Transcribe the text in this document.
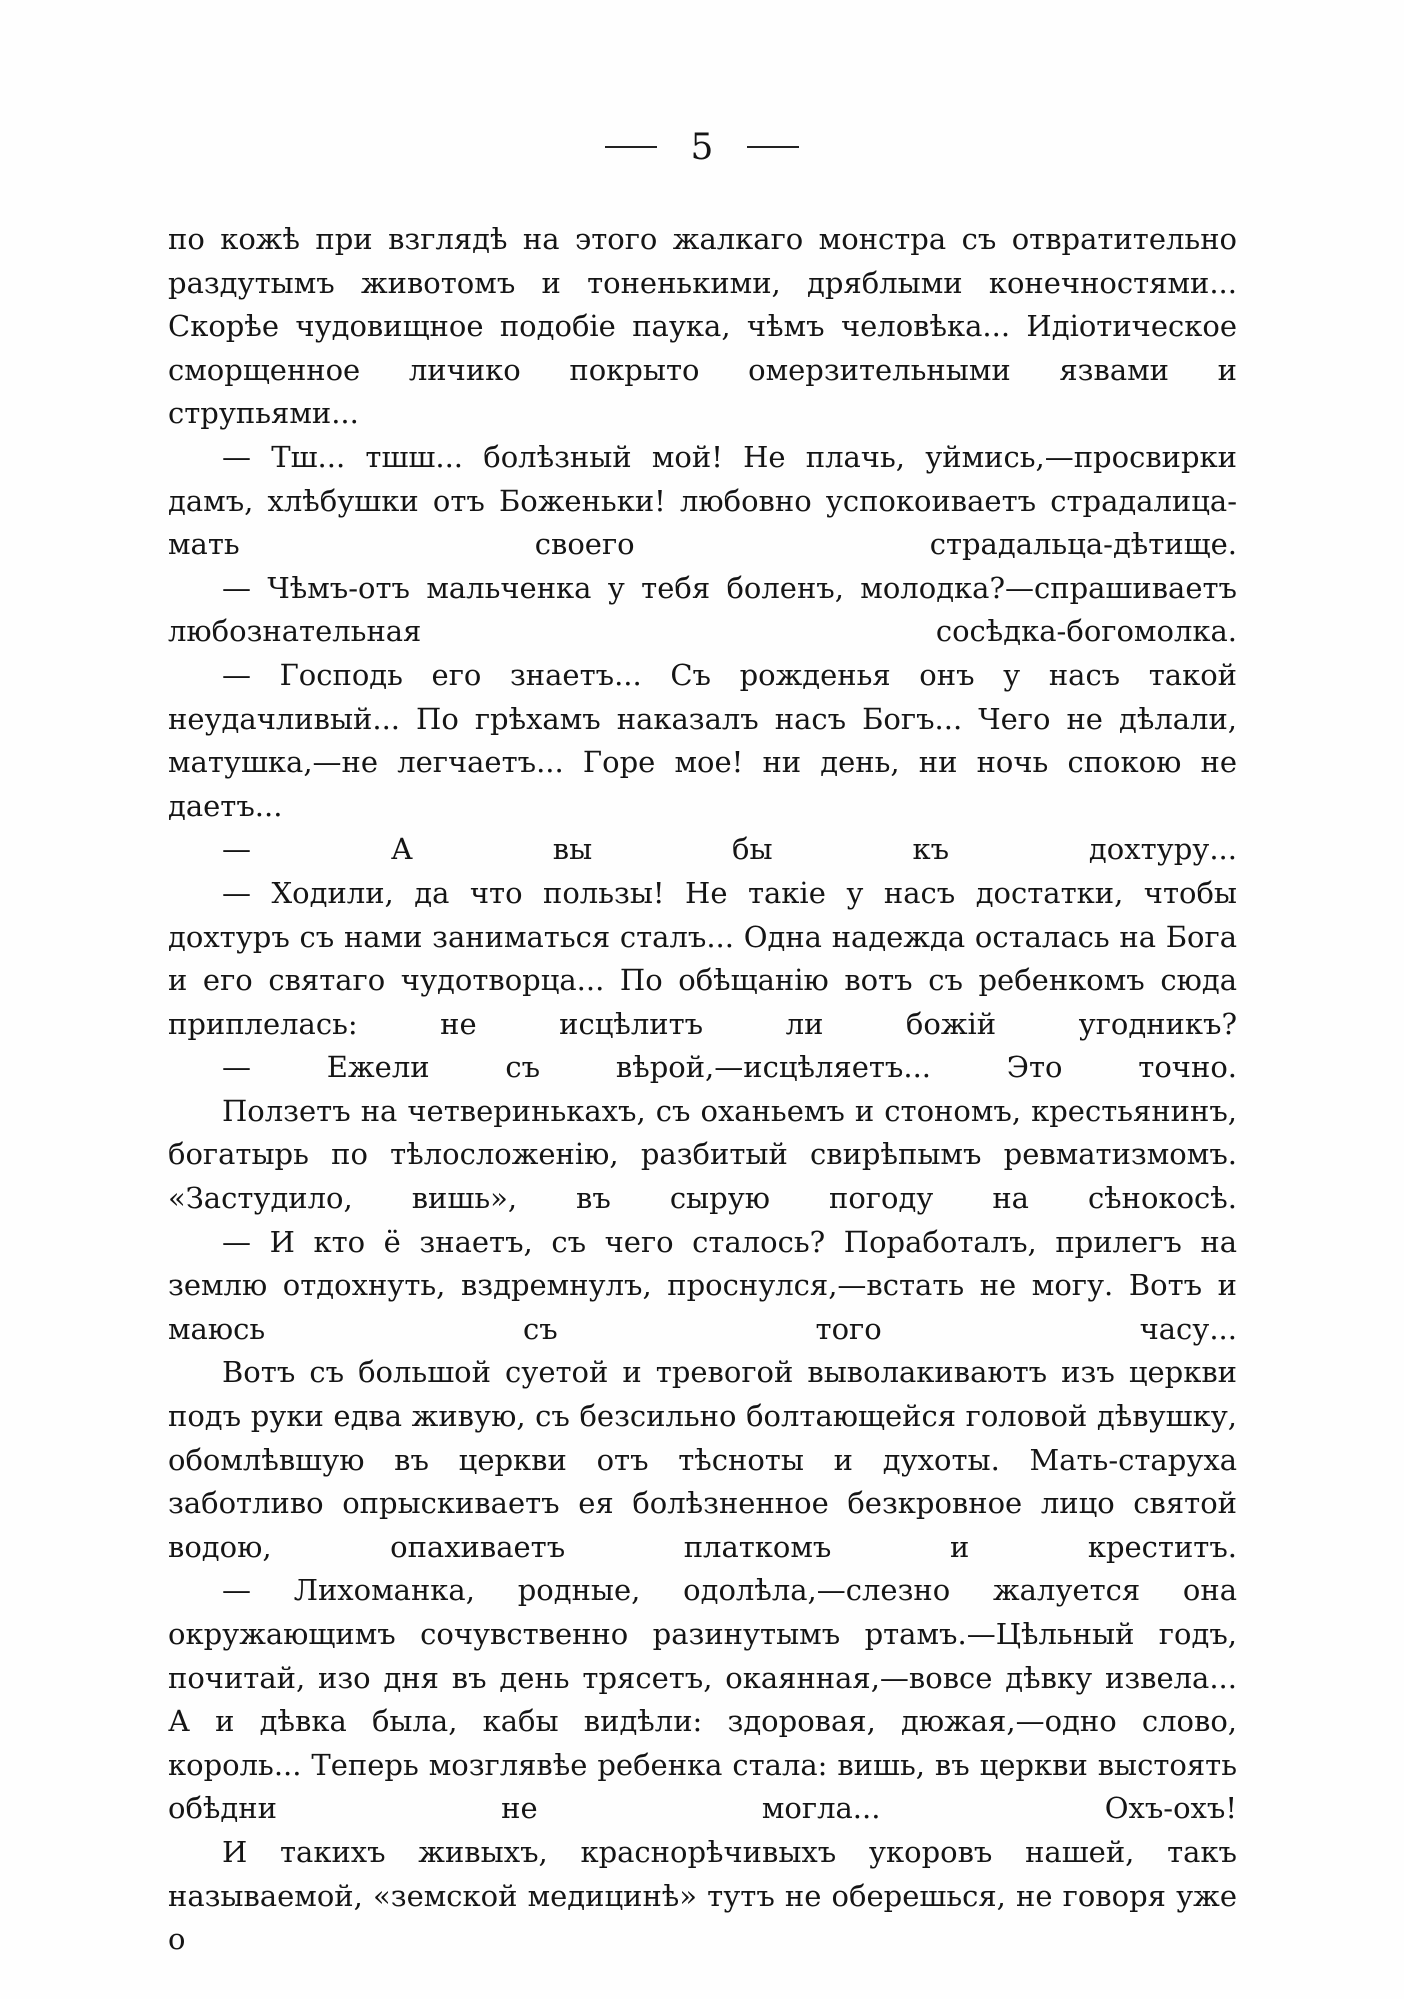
5

по кожѣ при взглядѣ на этого жалкаго монстра съ отвратительно раздутымъ животомъ и тоненькими, дряблыми конечностями... Скорѣе чудовищное подобіе паука, чѣмъ человѣка... Идіотическое сморщенное личико покрыто омерзительными язвами и струпьями...

— Тш... тшш... болѣзный мой! Не плачь, уймись,—просвирки дамъ, хлѣбушки отъ Боженьки! любовно успокоиваетъ страдалица-мать своего страдальца-дѣтище.

— Чѣмъ-отъ мальченка у тебя боленъ, молодка?—спрашиваетъ любознательная сосѣдка-богомолка.

— Господь его знаетъ... Съ рожденья онъ у насъ такой неудачливый... По грѣхамъ наказалъ насъ Богъ... Чего не дѣлали, матушка,—не легчаетъ... Горе мое! ни день, ни ночь спокою не даетъ...

— А вы бы къ дохтуру...

— Ходили, да что пользы! Не такіе у насъ достатки, чтобы дохтуръ съ нами заниматься сталъ... Одна надежда осталась на Бога и его святаго чудотворца... По обѣщанію вотъ съ ребенкомъ сюда приплелась: не исцѣлитъ ли божій угодникъ?

— Ежели съ вѣрой,—исцѣляетъ... Это точно.

Ползетъ на четверинькахъ, съ оханьемъ и стономъ, крестьянинъ, богатырь по тѣлосложенію, разбитый свирѣпымъ ревматизмомъ. «Застудило, вишь», въ сырую погоду на сѣнокосѣ.

— И кто ё знаетъ, съ чего сталось? Поработалъ, прилегъ на землю отдохнуть, вздремнулъ, проснулся,—встать не могу. Вотъ и маюсь съ того часу...

Вотъ съ большой суетой и тревогой выволакиваютъ изъ церкви подъ руки едва живую, съ безсильно болтающейся головой дѣвушку, обомлѣвшую въ церкви отъ тѣсноты и духоты. Мать-старуха заботливо опрыскиваетъ ея болѣзненное безкровное лицо святой водою, опахиваетъ платкомъ и креститъ.

— Лихоманка, родные, одолѣла,—слезно жалуется она окружающимъ сочувственно разинутымъ ртамъ.—Цѣльный годъ, почитай, изо дня въ день трясетъ, окаянная,—вовсе дѣвку извела... А и дѣвка была, кабы видѣли: здоровая, дюжая,—одно слово, король... Теперь мозглявѣе ребенка стала: вишь, въ церкви выстоять обѣдни не могла... Охъ-охъ!

И такихъ живыхъ, краснорѣчивыхъ укоровъ нашей, такъ называемой, «земской медицинѣ» тутъ не оберешься, не говоря уже о
